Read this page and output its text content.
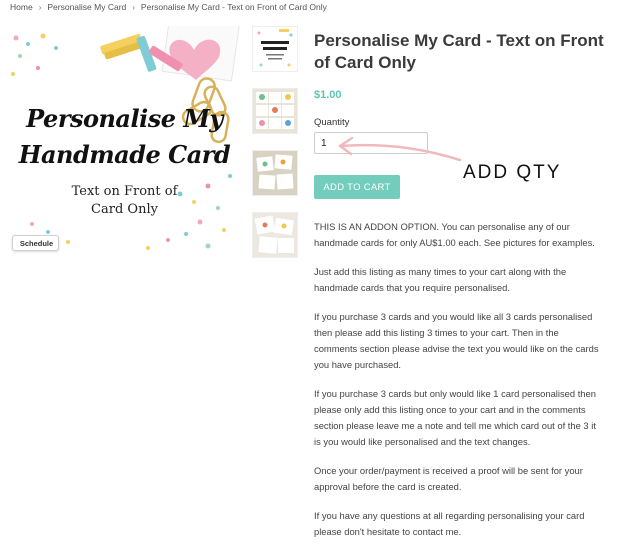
Home › Personalise My Card › Personalise My Card - Text on Front of Card Only
Personalise My
Handmade Card
Text on Front of
Card Only
Schedule
Personalise My Card - Text on Front of Card Only
$1.00
Quantity
1
ADD TO CART
ADD QTY

THIS IS AN ADDON OPTION. You can personalise any of our handmade cards for only AU$1.00 each. See pictures for examples.

Just add this listing as many times to your cart along with the handmade cards that you require personalised.

If you purchase 3 cards and you would like all 3 cards personalised then please add this listing 3 times to your cart. Then in the comments section please advise the text you would like on the cards you have purchased.

If you purchase 3 cards but only would like 1 card personalised then please only add this listing once to your cart and in the comments section please leave me a note and tell me which card out of the 3 it is you would like personalised and the text changes.

Once your order/payment is received a proof will be sent for your approval before the card is created.

If you have any questions at all regarding personalising your card please don't hesitate to contact me.
